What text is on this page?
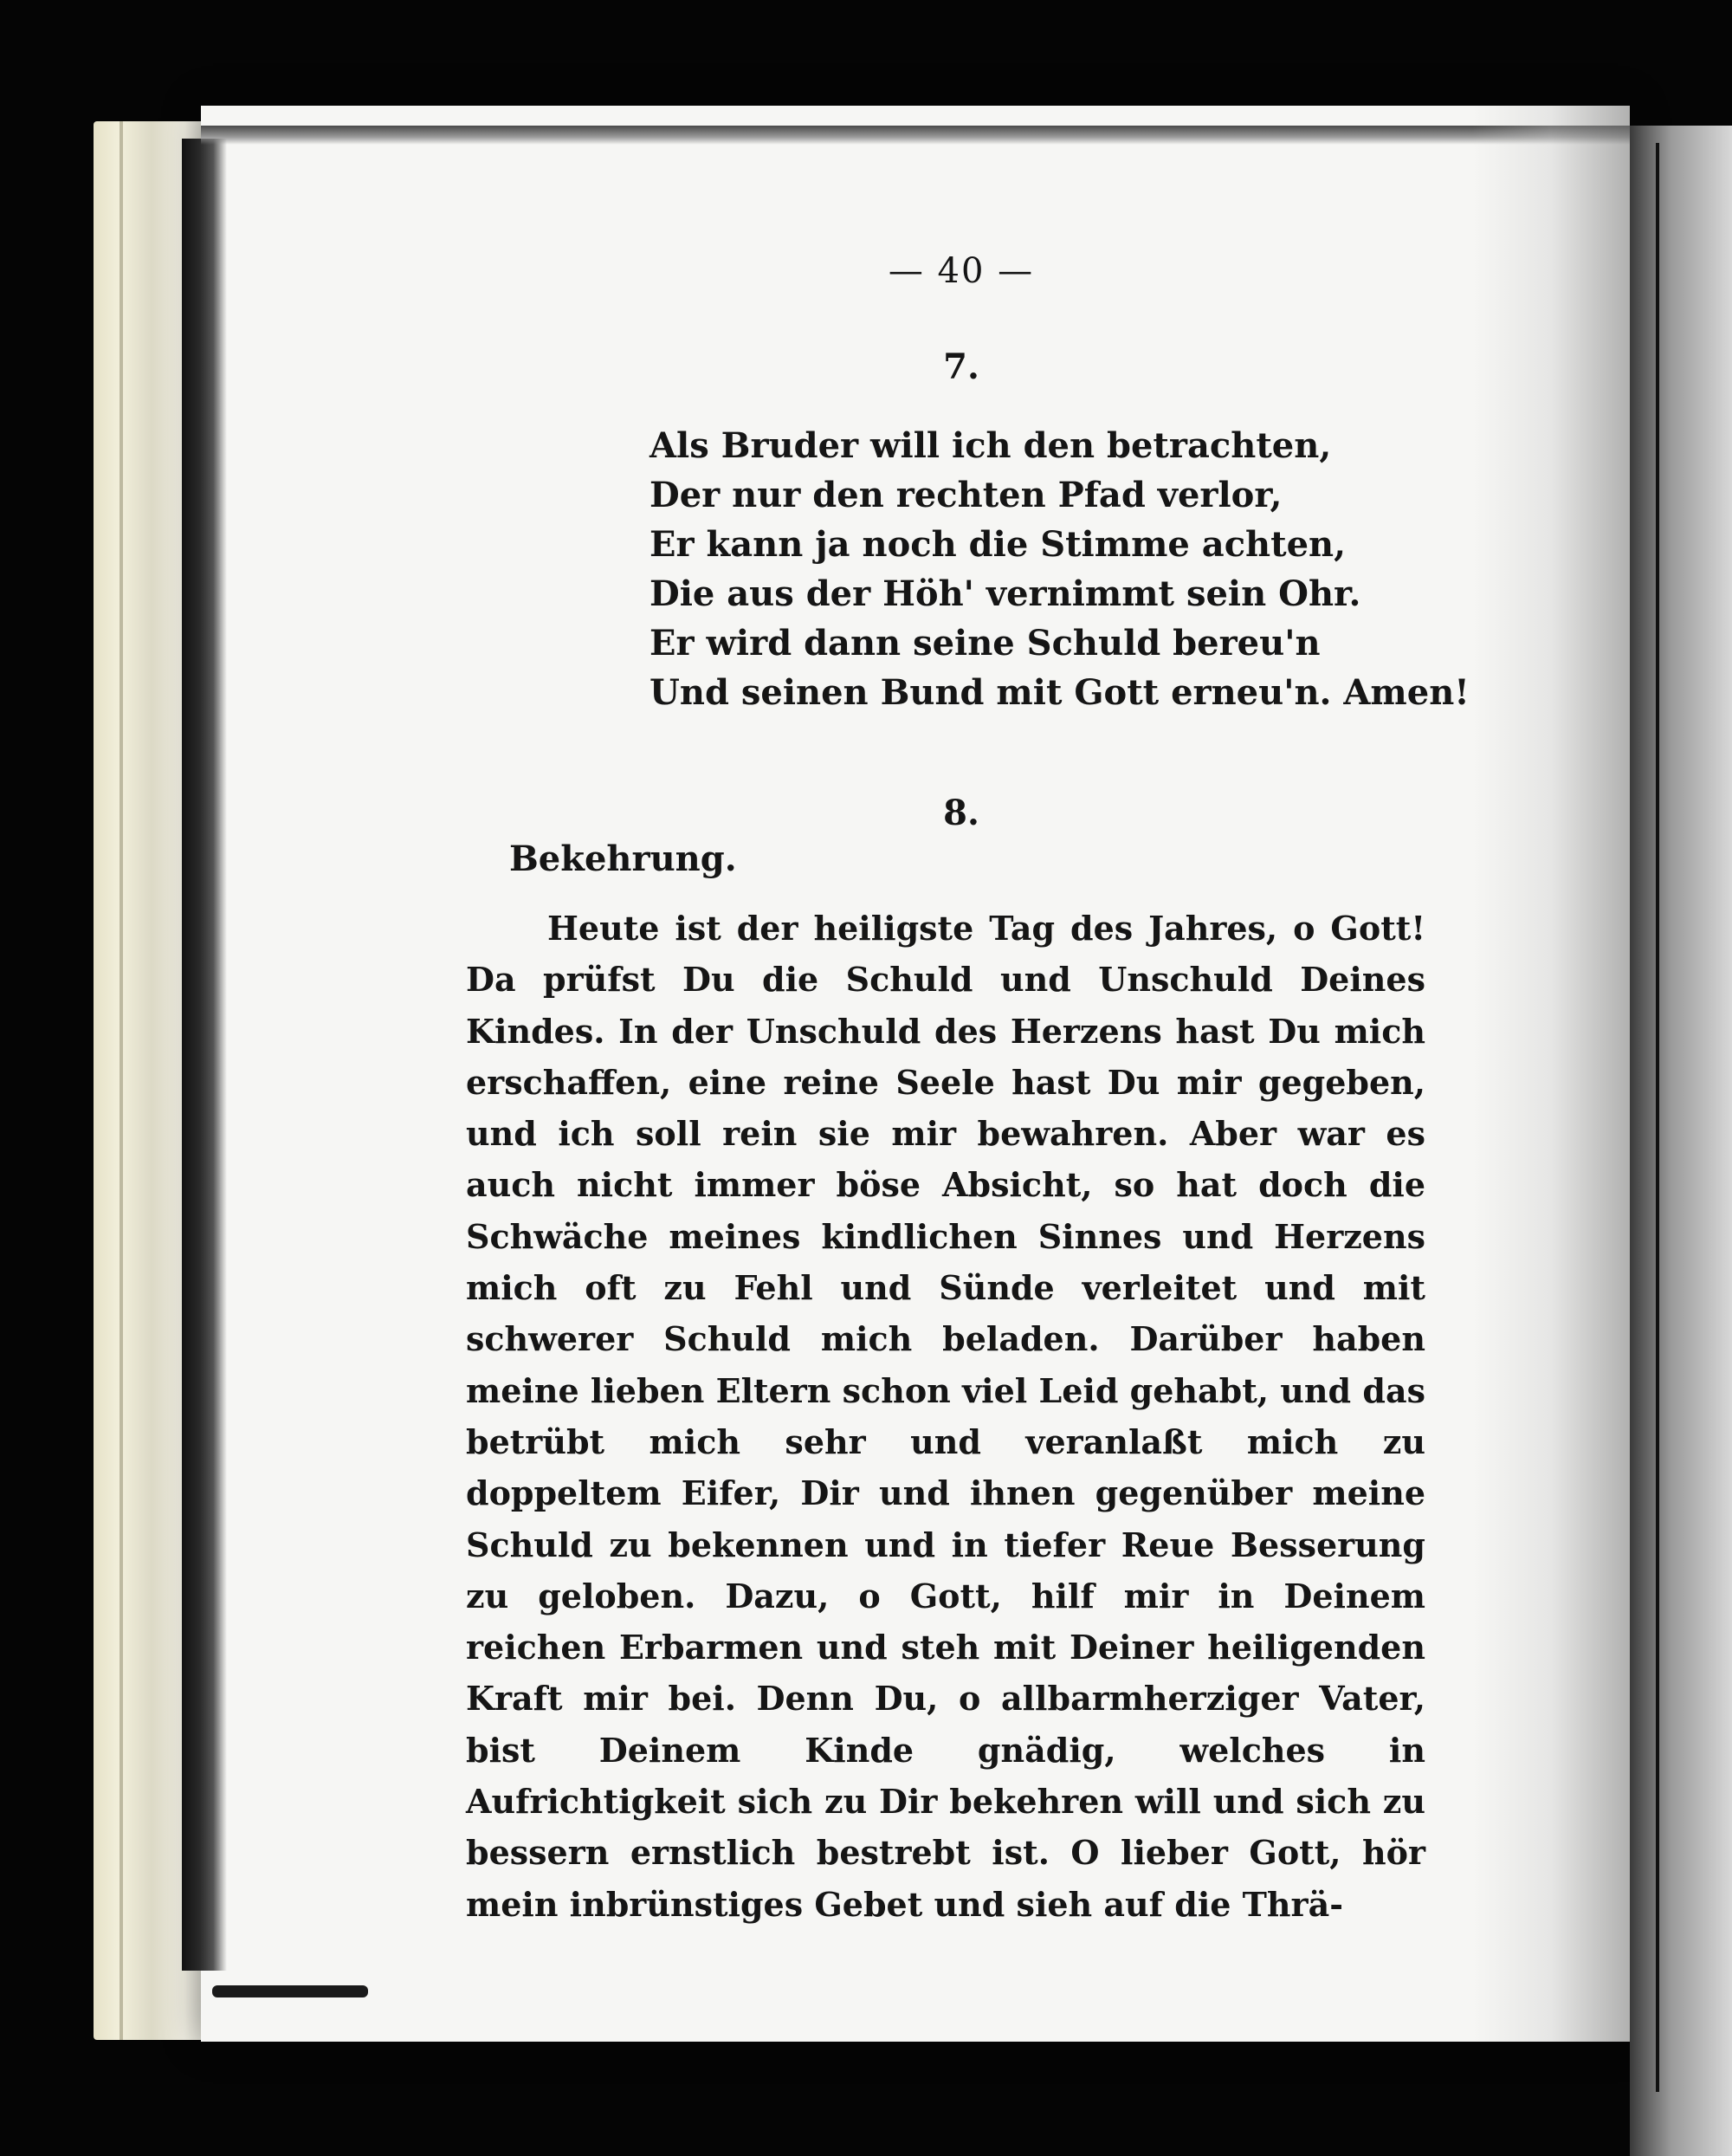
— 40 —
7.
Als Bruder will ich den betrachten,
Der nur den rechten Pfad verlor,
Er kann ja noch die Stimme achten,
Die aus der Höh' vernimmt sein Ohr.
Er wird dann seine Schuld bereu'n
Und seinen Bund mit Gott erneu'n. Amen!
8.
Bekehrung.
Heute ist der heiligste Tag des Jahres, o Gott! Da prüfst Du die Schuld und Unschuld Deines Kindes. In der Unschuld des Herzens hast Du mich erschaffen, eine reine Seele hast Du mir gegeben, und ich soll rein sie mir bewahren. Aber war es auch nicht immer böse Absicht, so hat doch die Schwäche meines kindlichen Sinnes und Herzens mich oft zu Fehl und Sünde verleitet und mit schwerer Schuld mich beladen. Darüber haben meine lieben Eltern schon viel Leid gehabt, und das betrübt mich sehr und veranlaßt mich zu doppeltem Eifer, Dir und ihnen gegenüber meine Schuld zu bekennen und in tiefer Reue Besserung zu geloben. Dazu, o Gott, hilf mir in Deinem reichen Erbarmen und steh mit Deiner heiligenden Kraft mir bei. Denn Du, o allbarmherziger Vater, bist Deinem Kinde gnädig, welches in Aufrichtigkeit sich zu Dir bekehren will und sich zu bessern ernstlich bestrebt ist. O lieber Gott, hör mein inbrünstiges Gebet und sieh auf die Thrä-
